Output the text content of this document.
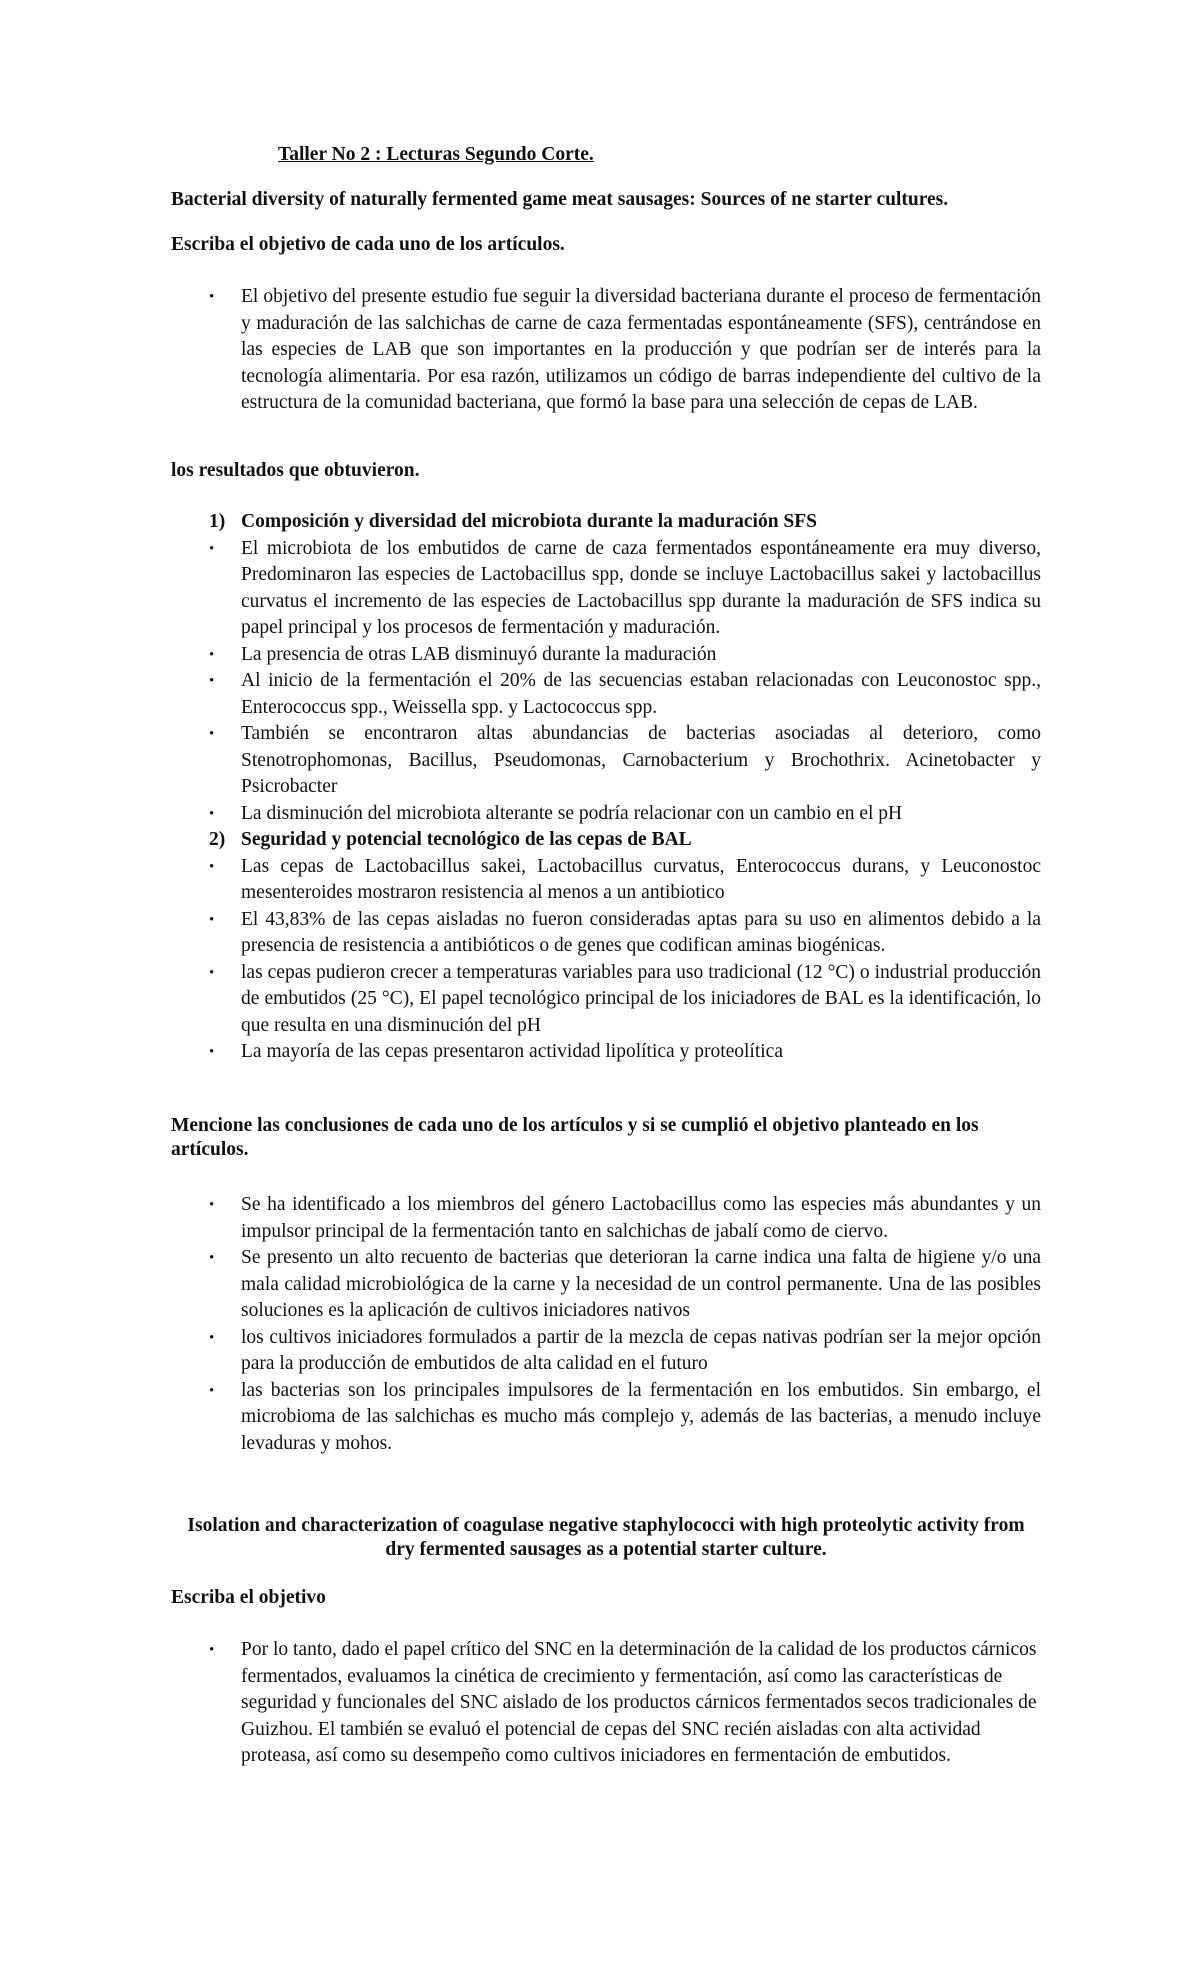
Taller No 2 : Lecturas Segundo Corte.
Bacterial diversity of naturally fermented game meat sausages: Sources of ne starter cultures.
Escriba el objetivo de cada uno de los artículos.
• El objetivo del presente estudio fue seguir la diversidad bacteriana durante el proceso de fermentación y maduración de las salchichas de carne de caza fermentadas espontáneamente (SFS), centrándose en las especies de LAB que son importantes en la producción y que podrían ser de interés para la tecnología alimentaria. Por esa razón, utilizamos un código de barras independiente del cultivo de la estructura de la comunidad bacteriana, que formó la base para una selección de cepas de LAB.
los resultados que obtuvieron.
1) Composición y diversidad del microbiota durante la maduración SFS
• El microbiota de los embutidos de carne de caza fermentados espontáneamente era muy diverso, Predominaron las especies de Lactobacillus spp, donde se incluye Lactobacillus sakei y lactobacillus curvatus el incremento de las especies de Lactobacillus spp durante la maduración de SFS indica su papel principal y los procesos de fermentación y maduración.
• La presencia de otras LAB disminuyó durante la maduración
• Al inicio de la fermentación el 20% de las secuencias estaban relacionadas con Leuconostoc spp., Enterococcus spp., Weissella spp. y Lactococcus spp.
• También se encontraron altas abundancias de bacterias asociadas al deterioro, como Stenotrophomonas, Bacillus, Pseudomonas, Carnobacterium y Brochothrix. Acinetobacter y Psicrobacter
• La disminución del microbiota alterante se podría relacionar con un cambio en el pH
2) Seguridad y potencial tecnológico de las cepas de BAL
• Las cepas de Lactobacillus sakei, Lactobacillus curvatus, Enterococcus durans, y Leuconostoc mesenteroides mostraron resistencia al menos a un antibiotico
• El 43,83% de las cepas aisladas no fueron consideradas aptas para su uso en alimentos debido a la presencia de resistencia a antibióticos o de genes que codifican aminas biogénicas.
• las cepas pudieron crecer a temperaturas variables para uso tradicional (12 °C) o industrial producción de embutidos (25 °C), El papel tecnológico principal de los iniciadores de BAL es la identificación, lo que resulta en una disminución del pH
• La mayoría de las cepas presentaron actividad lipolítica y proteolítica
Mencione las conclusiones de cada uno de los artículos y si se cumplió el objetivo planteado en los artículos.
• Se ha identificado a los miembros del género Lactobacillus como las especies más abundantes y un impulsor principal de la fermentación tanto en salchichas de jabalí como de ciervo.
• Se presento un alto recuento de bacterias que deterioran la carne indica una falta de higiene y/o una mala calidad microbiológica de la carne y la necesidad de un control permanente. Una de las posibles soluciones es la aplicación de cultivos iniciadores nativos
• los cultivos iniciadores formulados a partir de la mezcla de cepas nativas podrían ser la mejor opción para la producción de embutidos de alta calidad en el futuro
• las bacterias son los principales impulsores de la fermentación en los embutidos. Sin embargo, el microbioma de las salchichas es mucho más complejo y, además de las bacterias, a menudo incluye levaduras y mohos.
Isolation and characterization of coagulase negative staphylococci with high proteolytic activity from dry fermented sausages as a potential starter culture.
Escriba el objetivo
• Por lo tanto, dado el papel crítico del SNC en la determinación de la calidad de los productos cárnicos fermentados, evaluamos la cinética de crecimiento y fermentación, así como las características de seguridad y funcionales del SNC aislado de los productos cárnicos fermentados secos tradicionales de Guizhou. El también se evaluó el potencial de cepas del SNC recién aisladas con alta actividad proteasa, así como su desempeño como cultivos iniciadores en fermentación de embutidos.
